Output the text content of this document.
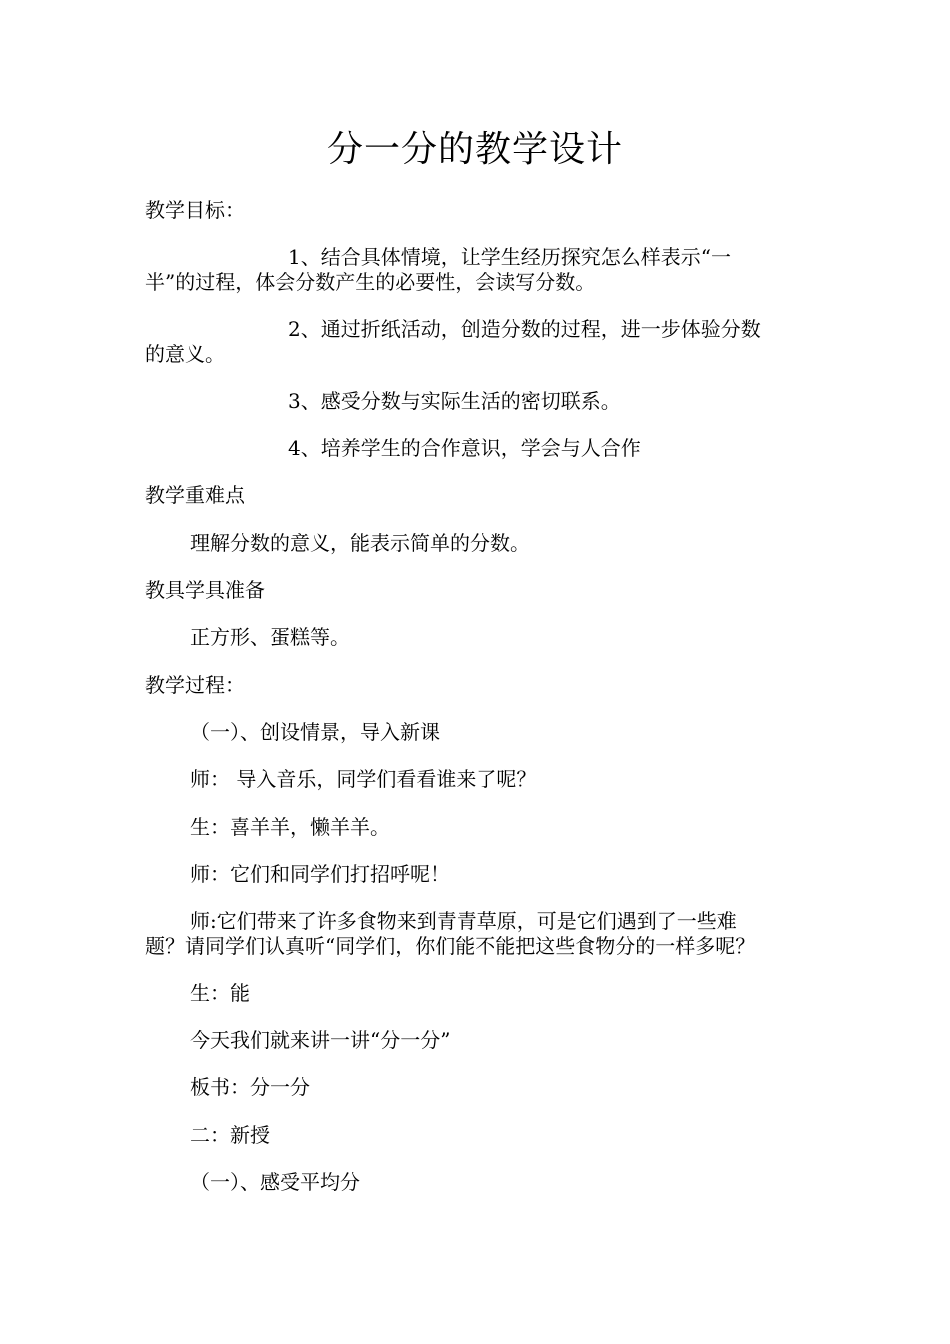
分一分的教学设计
教学目标：
1、结合具体情境，让学生经历探究怎么样表示“一
半”的过程，体会分数产生的必要性，会读写分数。
2、通过折纸活动，创造分数的过程，进一步体验分数
的意义。
3、感受分数与实际生活的密切联系。
4、培养学生的合作意识，学会与人合作
教学重难点
理解分数的意义，能表示简单的分数。
教具学具准备
正方形、蛋糕等。
教学过程：
（一）、创设情景，导入新课
师： 导入音乐，同学们看看谁来了呢？
生：喜羊羊，懒羊羊。
师：它们和同学们打招呼呢！
师:它们带来了许多食物来到青青草原，可是它们遇到了一些难
题？请同学们认真听“同学们，你们能不能把这些食物分的一样多呢？
生：能
今天我们就来讲一讲“分一分”
板书：分一分
二：新授
（一）、感受平均分
